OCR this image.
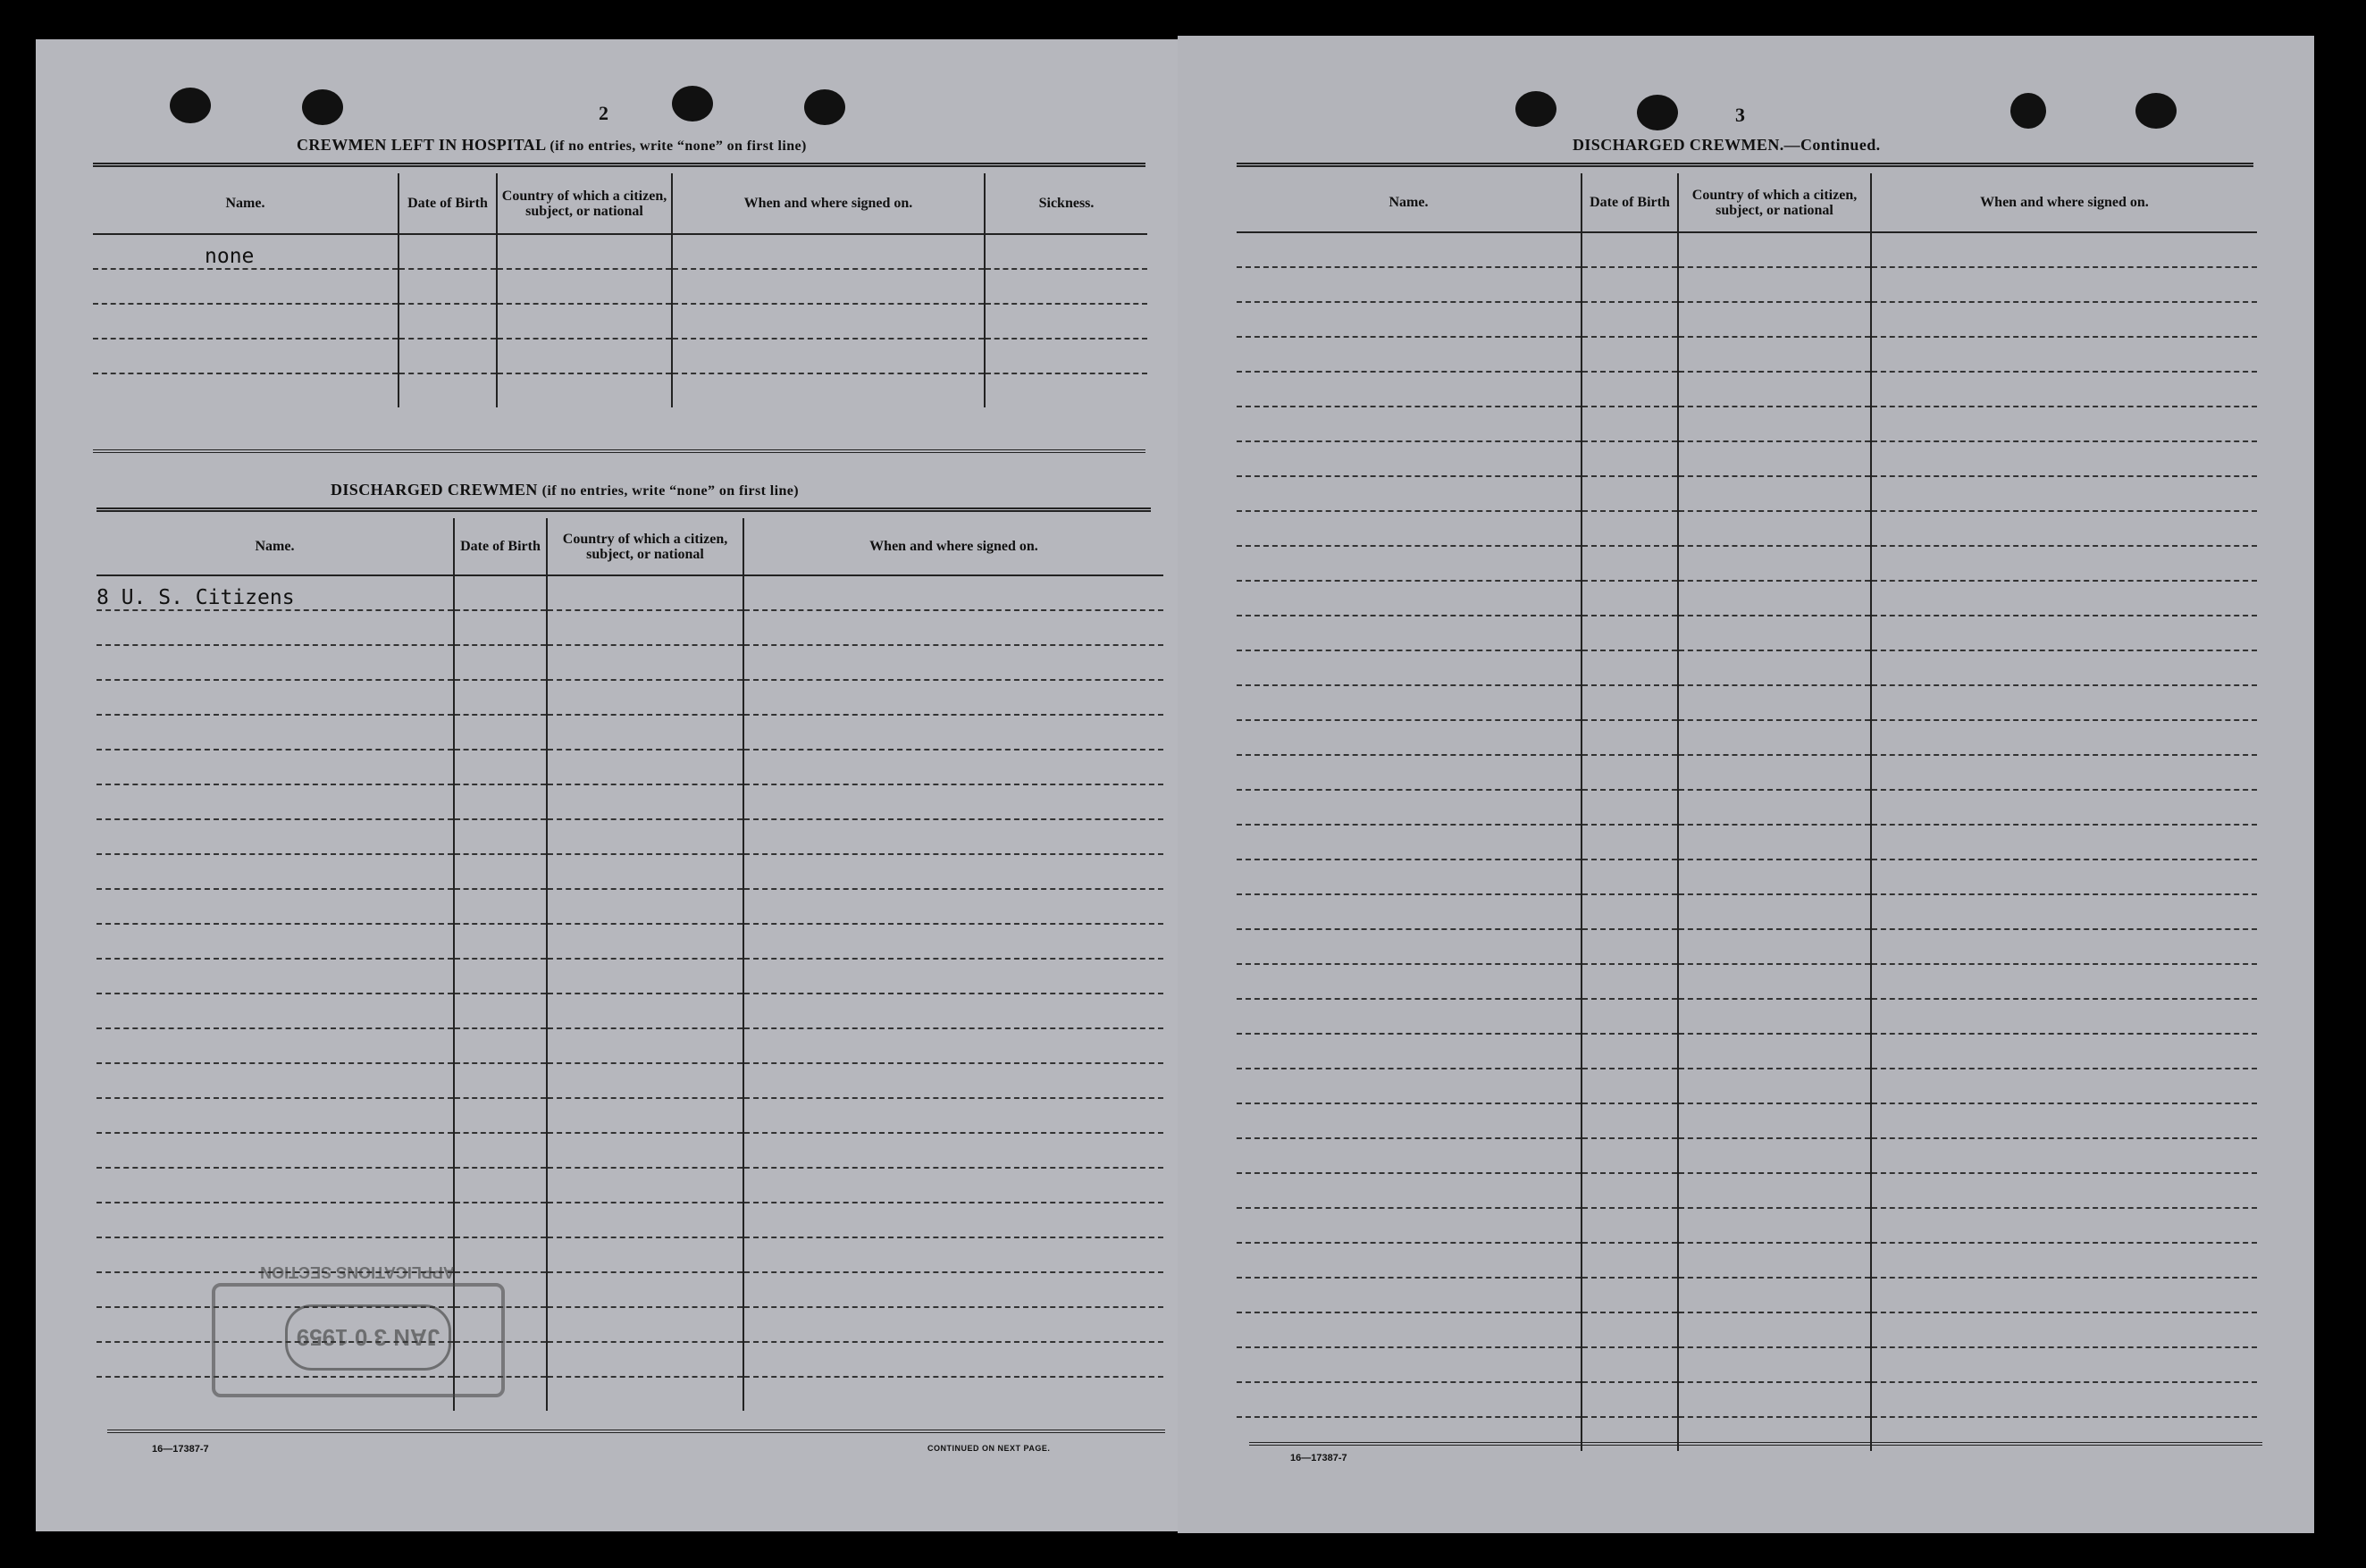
2
CREWMEN LEFT IN HOSPITAL (if no entries, write “none” on first line)
Name.	Date of Birth	Country of which a citizen, subject, or national	When and where signed on.	Sickness.
none				

DISCHARGED CREWMEN (if no entries, write “none” on first line)
Name.	Date of Birth	Country of which a citizen, subject, or national	When and where signed on.
8 U. S. Citizens			

16—17387-7	CONTINUED ON NEXT PAGE.
JAN 3 0 1959
APPLICATIONS SECTION
3
DISCHARGED CREWMEN.—Continued.
Name.	Date of Birth	Country of which a citizen, subject, or national	When and where signed on.

16—17387-7
